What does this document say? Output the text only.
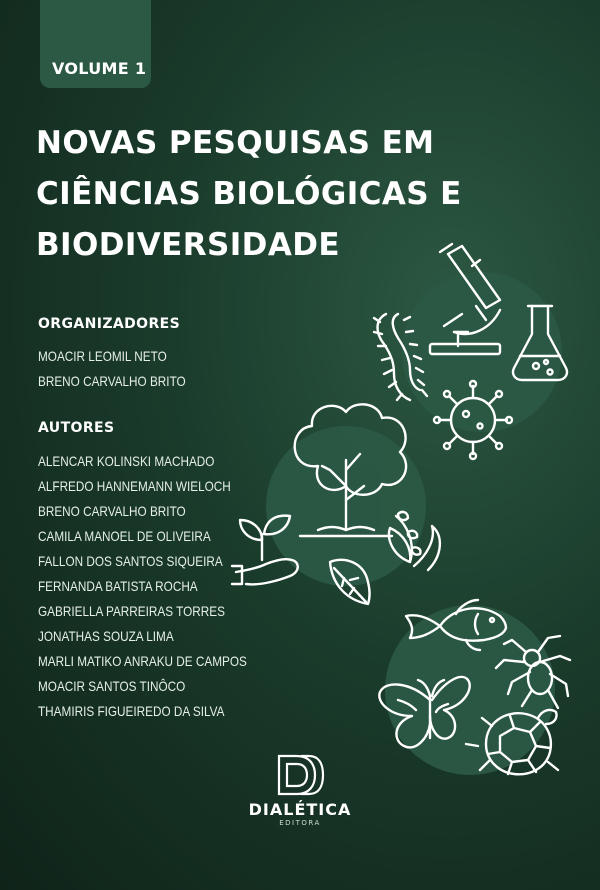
VOLUME 1
NOVAS PESQUISAS EM
CIÊNCIAS BIOLÓGICAS E
BIODIVERSIDADE
ORGANIZADORES
MOACIR LEOMIL NETO
BRENO CARVALHO BRITO
AUTORES
ALENCAR KOLINSKI MACHADO
ALFREDO HANNEMANN WIELOCH
BRENO CARVALHO BRITO
CAMILA MANOEL DE OLIVEIRA
FALLON DOS SANTOS SIQUEIRA
FERNANDA BATISTA ROCHA
GABRIELLA PARREIRAS TORRES
JONATHAS SOUZA LIMA
MARLI MATIKO ANRAKU DE CAMPOS
MOACIR SANTOS TINÔCO
THAMIRIS FIGUEIREDO DA SILVA
DIALÉTICA
EDITORA
